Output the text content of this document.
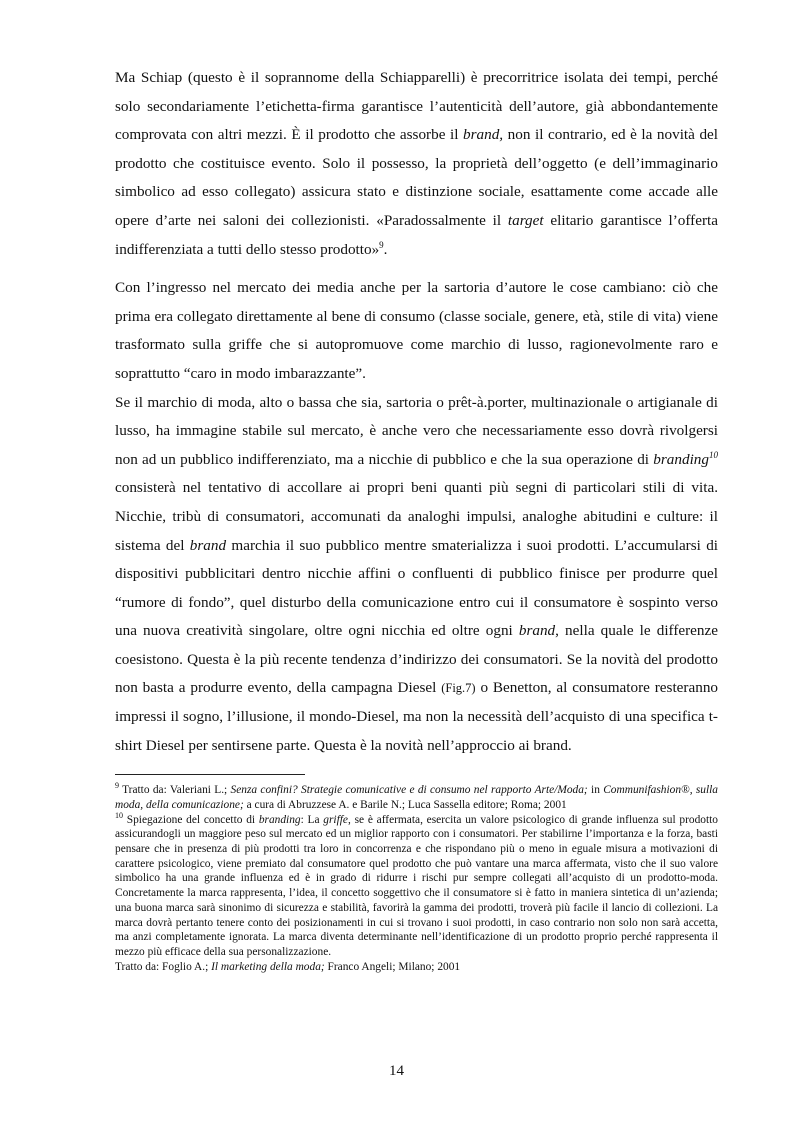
Ma Schiap (questo è il soprannome della Schiapparelli) è precorritrice isolata dei tempi, perché solo secondariamente l’etichetta-firma garantisce l’autenticità dell’autore, già abbondantemente comprovata con altri mezzi. È il prodotto che assorbe il brand, non il contrario, ed è la novità del prodotto che costituisce evento. Solo il possesso, la proprietà dell’oggetto (e dell’immaginario simbolico ad esso collegato) assicura stato e distinzione sociale, esattamente come accade alle opere d’arte nei saloni dei collezionisti. «Paradossalmente il target elitario garantisce l’offerta indifferenziata a tutti dello stesso prodotto»$^9$.

Con l’ingresso nel mercato dei media anche per la sartoria d’autore le cose cambiano: ciò che prima era collegato direttamente al bene di consumo (classe sociale, genere, età, stile di vita) viene trasformato sulla griffe che si autopromuove come marchio di lusso, ragionevolmente raro e soprattutto “caro in modo imbarazzante”.

Se il marchio di moda, alto o bassa che sia, sartoria o prêt-à.porter, multinazionale o artigianale di lusso, ha immagine stabile sul mercato, è anche vero che necessariamente esso dovrà rivolgersi non ad un pubblico indifferenziato, ma a nicchie di pubblico e che la sua operazione di branding$^{10}$ consisterà nel tentativo di accollare ai propri beni quanti più segni di particolari stili di vita. Nicchie, tribù di consumatori, accomunati da analoghi impulsi, analoghe abitudini e culture: il sistema del brand marchia il suo pubblico mentre smaterializza i suoi prodotti. L’accumularsi di dispositivi pubblicitari dentro nicchie affini o confluenti di pubblico finisce per produrre quel “rumore di fondo”, quel disturbo della comunicazione entro cui il consumatore è sospinto verso una nuova creatività singolare, oltre ogni nicchia ed oltre ogni brand, nella quale le differenze coesistono. Questa è la più recente tendenza d’indirizzo dei consumatori. Se la novità del prodotto non basta a produrre evento, della campagna Diesel (Fig.7) o Benetton, al consumatore resteranno impressi il sogno, l’illusione, il mondo-Diesel, ma non la necessità dell’acquisto di una specifica t-shirt Diesel per sentirsene parte. Questa è la novità nell’approccio ai brand.

$^9$ Tratto da: Valeriani L.; Senza confini? Strategie comunicative e di consumo nel rapporto Arte/Moda; in Communifashion®, sulla moda, della comunicazione; a cura di Abruzzese A. e Barile N.; Luca Sassella editore; Roma; 2001

$^{10}$ Spiegazione del concetto di branding: La griffe, se è affermata, esercita un valore psicologico di grande influenza sul prodotto assicurandogli un maggiore peso sul mercato ed un miglior rapporto con i consumatori. Per stabilirne l’importanza e la forza, basti pensare che in presenza di più prodotti tra loro in concorrenza e che rispondano più o meno in eguale misura a motivazioni di carattere psicologico, viene premiato dal consumatore quel prodotto che può vantare una marca affermata, visto che il suo valore simbolico ha una grande influenza ed è in grado di ridurre i rischi pur sempre collegati all’acquisto di un prodotto-moda. Concretamente la marca rappresenta, l’idea, il concetto soggettivo che il consumatore si è fatto in maniera sintetica di un’azienda; una buona marca sarà sinonimo di sicurezza e stabilità, favorirà la gamma dei prodotti, troverà più facile il lancio di collezioni. La marca dovrà pertanto tenere conto dei posizionamenti in cui si trovano i suoi prodotti, in caso contrario non solo non sarà accetta, ma anzi completamente ignorata. La marca diventa determinante nell’identificazione di un prodotto proprio perché rappresenta il mezzo più efficace della sua personalizzazione.
Tratto da: Foglio A.; Il marketing della moda; Franco Angeli; Milano; 2001

14
